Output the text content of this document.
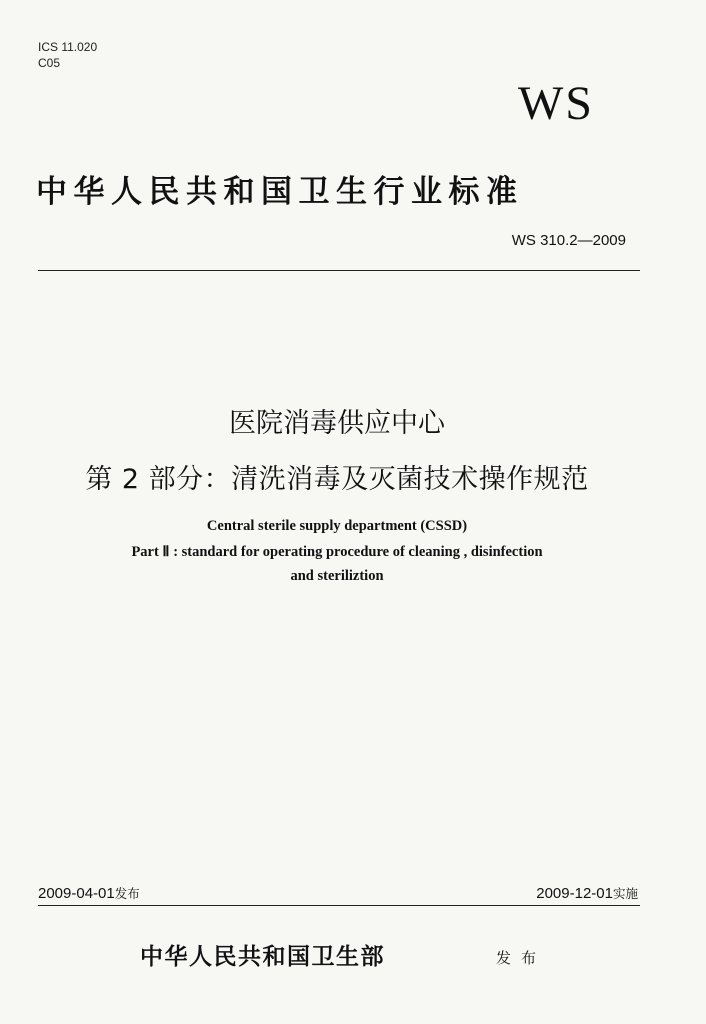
ICS 11.020
C05
WS
中华人民共和国卫生行业标准
WS 310.2—2009
医院消毒供应中心
第 2 部分：清洗消毒及灭菌技术操作规范
Central sterile supply department (CSSD)
Part Ⅱ : standard for operating procedure of cleaning , disinfection
and steriliztion
2009-04-01发布	2009-12-01实施
中华人民共和国卫生部	发布
